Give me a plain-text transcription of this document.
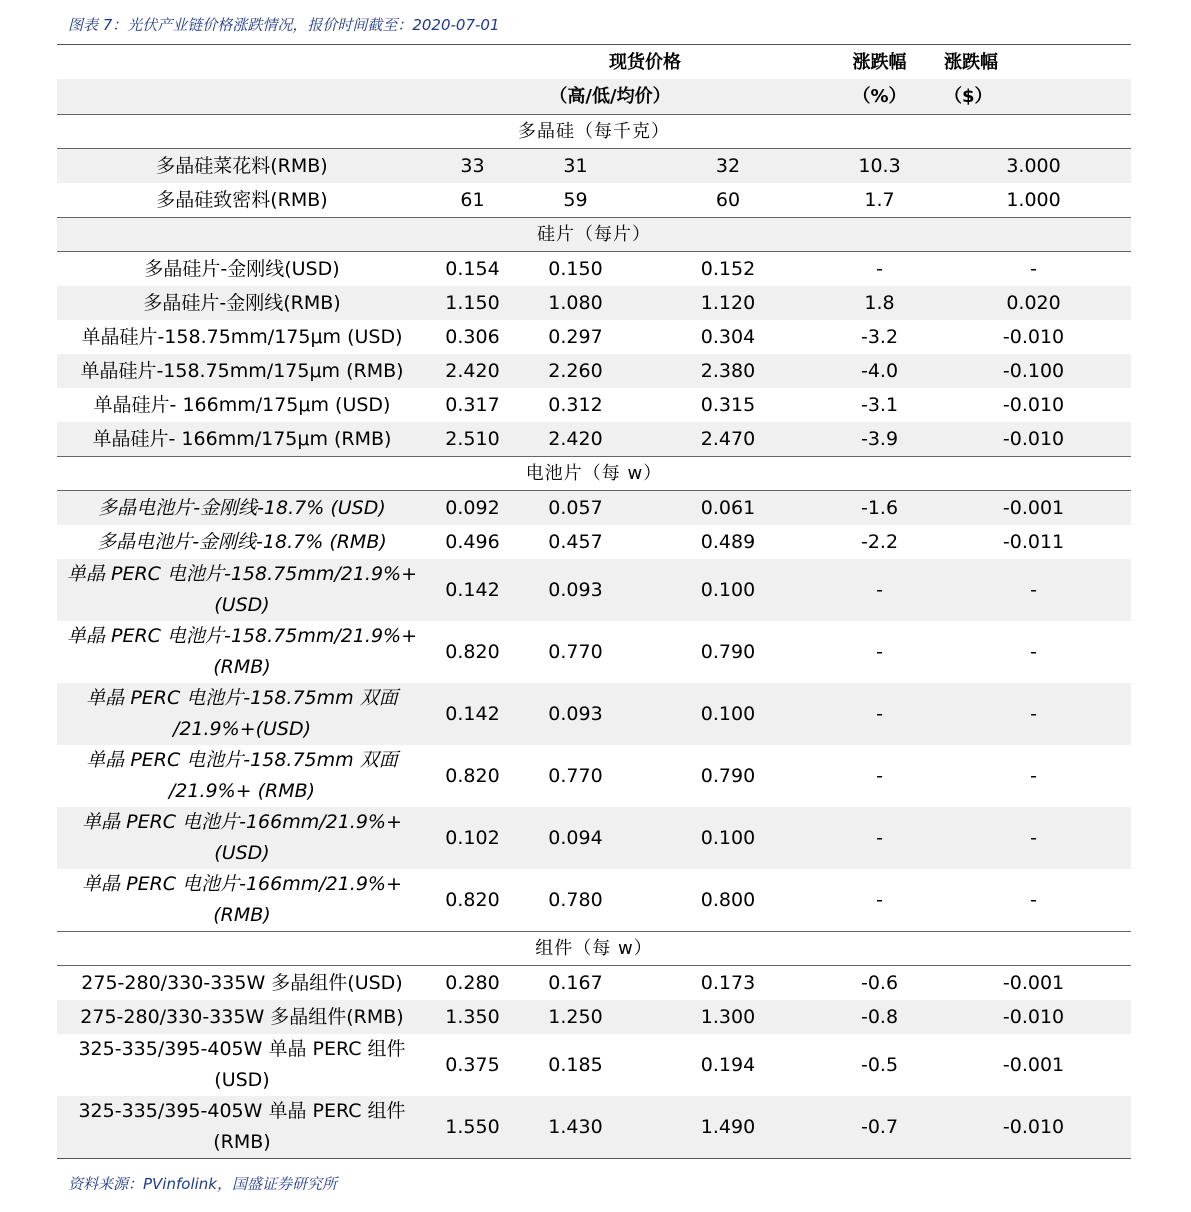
图表 7：光伏产业链价格涨跌情况，报价时间截至：2020-07-01
	现货价格			涨跌幅	涨跌幅
	（高/低/均价）			（%）	（$）
多晶硅（每千克）					
多晶硅菜花料(RMB)	33	31	32	10.3	3.000
多晶硅致密料(RMB)	61	59	60	1.7	1.000
硅片（每片）					
多晶硅片-金刚线(USD)	0.154	0.150	0.152	-	-
多晶硅片-金刚线(RMB)	1.150	1.080	1.120	1.8	0.020
单晶硅片-158.75mm/175μm (USD)	0.306	0.297	0.304	-3.2	-0.010
单晶硅片-158.75mm/175μm (RMB)	2.420	2.260	2.380	-4.0	-0.100
单晶硅片- 166mm/175μm (USD)	0.317	0.312	0.315	-3.1	-0.010
单晶硅片- 166mm/175μm (RMB)	2.510	2.420	2.470	-3.9	-0.010
电池片（每 w）					
多晶电池片-金刚线-18.7% (USD)	0.092	0.057	0.061	-1.6	-0.001
多晶电池片-金刚线-18.7% (RMB)	0.496	0.457	0.489	-2.2	-0.011
单晶 PERC 电池片-158.75mm/21.9%+ (USD)	0.142	0.093	0.100	-	-
单晶 PERC 电池片-158.75mm/21.9%+ (RMB)	0.820	0.770	0.790	-	-
单晶 PERC 电池片-158.75mm 双面 /21.9%+(USD)	0.142	0.093	0.100	-	-
单晶 PERC 电池片-158.75mm 双面 /21.9%+ (RMB)	0.820	0.770	0.790	-	-
单晶 PERC 电池片-166mm/21.9%+ (USD)	0.102	0.094	0.100	-	-
单晶 PERC 电池片-166mm/21.9%+ (RMB)	0.820	0.780	0.800	-	-
组件（每 w）					
275-280/330-335W 多晶组件(USD)	0.280	0.167	0.173	-0.6	-0.001
275-280/330-335W 多晶组件(RMB)	1.350	1.250	1.300	-0.8	-0.010
325-335/395-405W 单晶 PERC 组件 (USD)	0.375	0.185	0.194	-0.5	-0.001
325-335/395-405W 单晶 PERC 组件 (RMB)	1.550	1.430	1.490	-0.7	-0.010
资料来源：PVinfolink，国盛证券研究所
